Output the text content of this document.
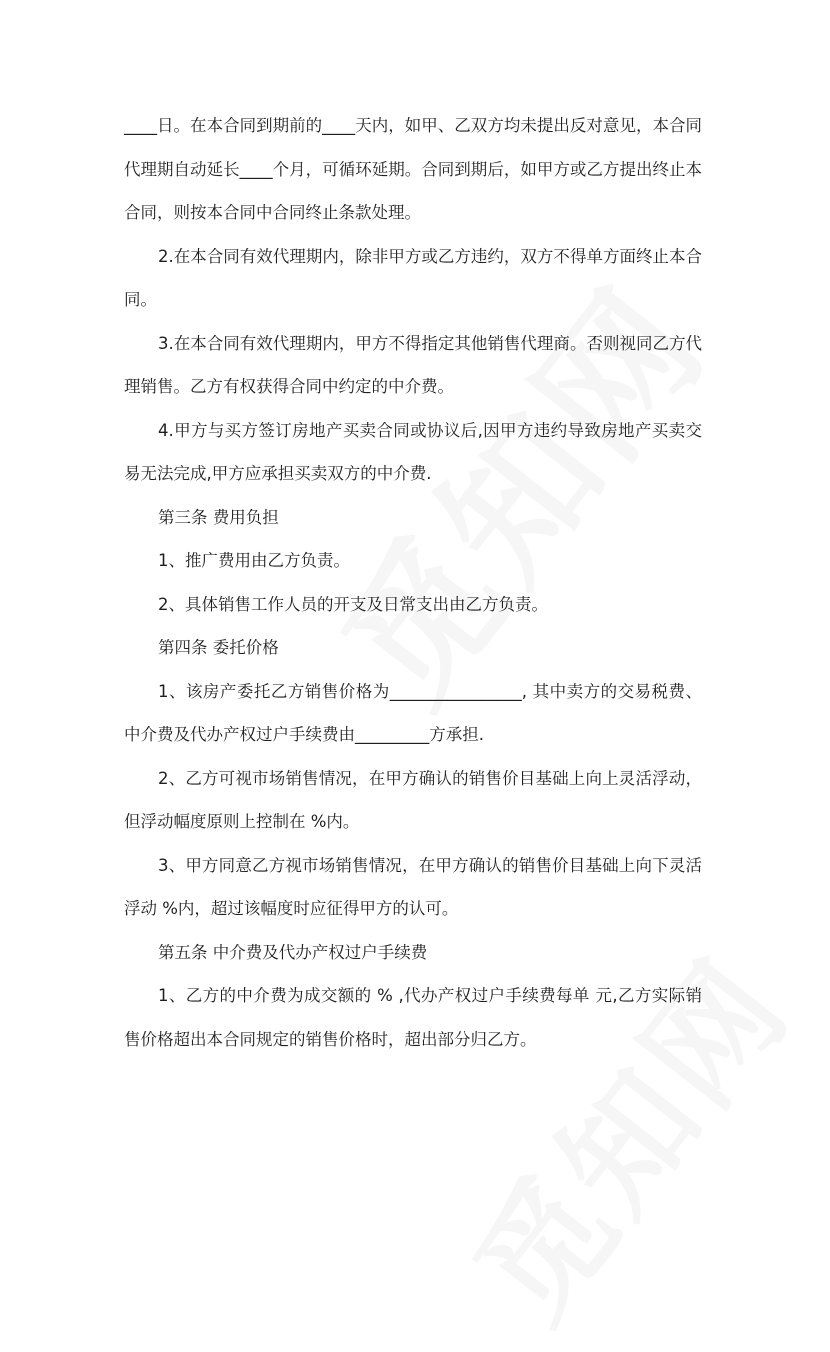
____日。在本合同到期前的____天内，如甲、乙双方均未提出反对意见，本合同代理期自动延长____个月，可循环延期。合同到期后，如甲方或乙方提出终止本合同，则按本合同中合同终止条款处理。

2.在本合同有效代理期内，除非甲方或乙方违约，双方不得单方面终止本合同。

3.在本合同有效代理期内，甲方不得指定其他销售代理商。否则视同乙方代理销售。乙方有权获得合同中约定的中介费。

4.甲方与买方签订房地产买卖合同或协议后,因甲方违约导致房地产买卖交易无法完成,甲方应承担买卖双方的中介费.

第三条 费用负担

1、推广费用由乙方负责。

2、具体销售工作人员的开支及日常支出由乙方负责。

第四条 委托价格

1、该房产委托乙方销售价格为________________, 其中卖方的交易税费、中介费及代办产权过户手续费由_________方承担.

2、乙方可视市场销售情况，在甲方确认的销售价目基础上向上灵活浮动，但浮动幅度原则上控制在 %内。

3、甲方同意乙方视市场销售情况，在甲方确认的销售价目基础上向下灵活浮动 %内，超过该幅度时应征得甲方的认可。

第五条 中介费及代办产权过户手续费

1、乙方的中介费为成交额的 % ,代办产权过户手续费每单 元,乙方实际销售价格超出本合同规定的销售价格时，超出部分归乙方。
